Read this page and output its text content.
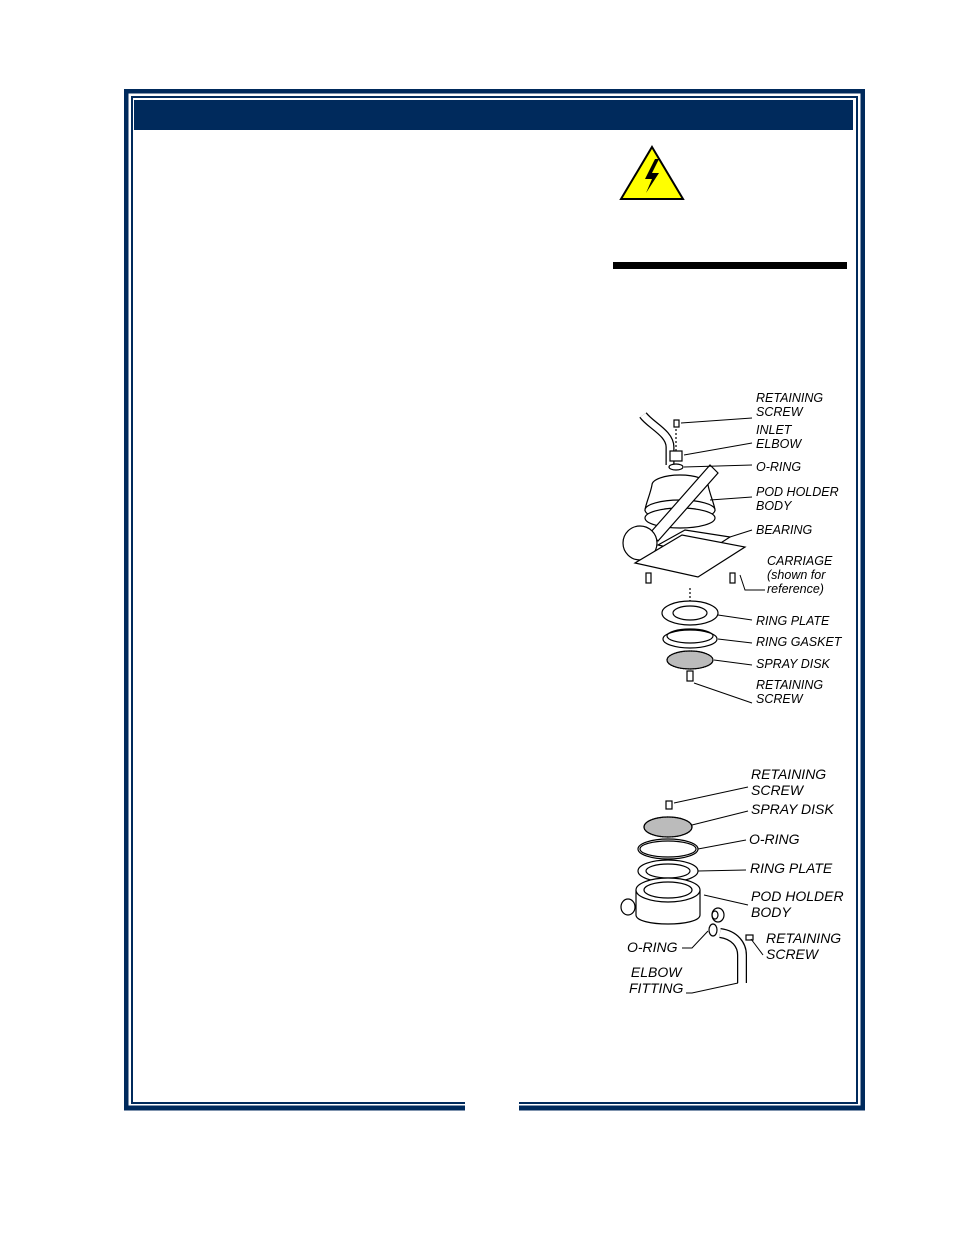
RETAINING
SCREW
INLET
ELBOW
O-RING
POD HOLDER
BODY
BEARING
CARRIAGE
(shown for
reference)
RING PLATE
RING GASKET
SPRAY DISK
RETAINING
SCREW
RETAINING
SCREW
SPRAY DISK
O-RING
RING PLATE
POD HOLDER
BODY
O-RING
RETAINING
SCREW
ELBOW
FITTING
